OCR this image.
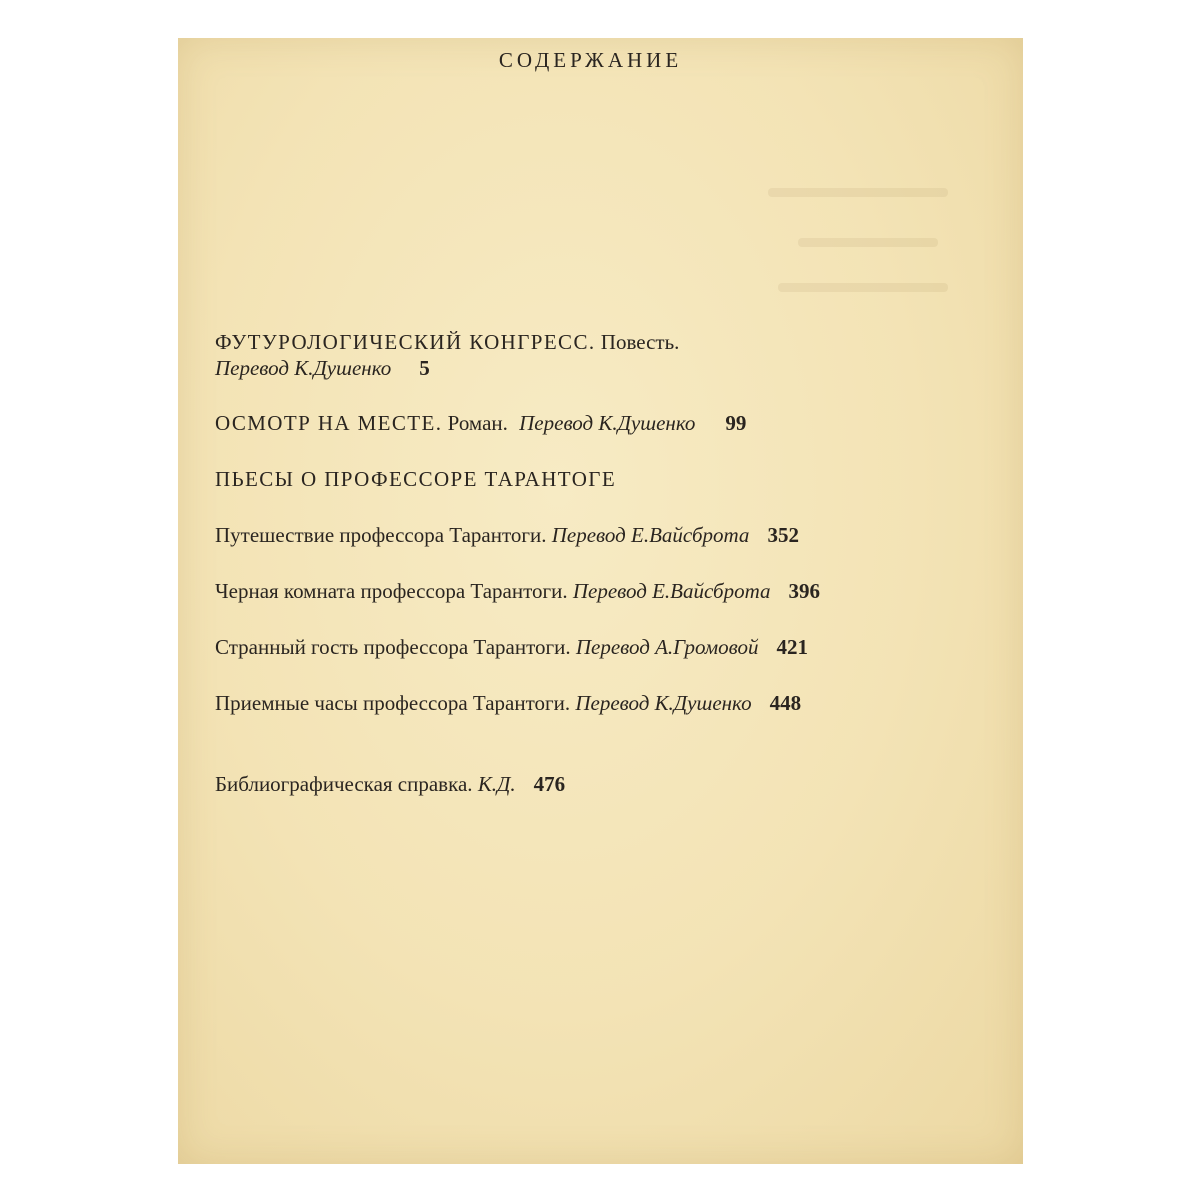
СОДЕРЖАНИЕ
ФУТУРОЛОГИЧЕСКИЙ КОНГРЕСС. Повесть.
Перевод К.Душенко 5
ОСМОТР НА МЕСТЕ. Роман. Перевод К.Душенко 99
ПЬЕСЫ О ПРОФЕССОРЕ ТАРАНТОГЕ
Путешествие профессора Тарантоги. Перевод Е.Вайсброта 352
Черная комната профессора Тарантоги. Перевод Е.Вайсброта 396
Странный гость профессора Тарантоги. Перевод А.Громовой 421
Приемные часы профессора Тарантоги. Перевод К.Душенко 448
Библиографическая справка. К.Д. 476
